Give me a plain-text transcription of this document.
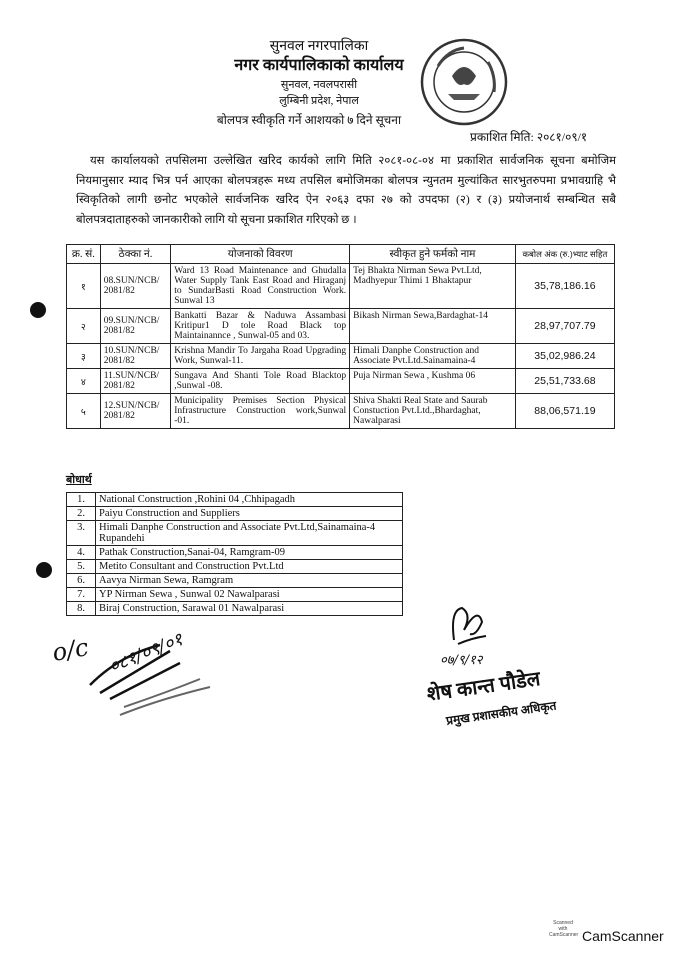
सुनवल नगरपालिका
नगर कार्यपालिकाको कार्यालय
सुनवल, नवलपरासी
लुम्बिनी प्रदेश, नेपाल
बोलपत्र स्वीकृति गर्ने आशयको ७ दिने सूचना
प्रकाशित मिति: २०८१/०९/१
यस कार्यालयको तपसिलमा उल्लेखित खरिद कार्यको लागि मिति २०८१-०८-०४ मा प्रकाशित सार्वजनिक सूचना बमोजिम नियमानुसार म्याद भित्र पर्न आएका बोलपत्रहरू मध्य तपसिल बमोजिमका बोलपत्र न्युनतम मुल्यांकित सारभुतरुपमा प्रभावग्राहि भै स्विकृतिको लागी छनोट भएकोले सार्वजनिक खरिद ऐन २०६३ दफा २७ को उपदफा (२) र (३) प्रयोजनार्थ सम्बन्धित सबै बोलपत्रदाताहरुको जानकारीको लागि यो सूचना प्रकाशित गरिएको छ ।
क्र. सं.	ठेक्का नं.	योजनाको विवरण	स्वीकृत हुने फर्मको नाम	कबोल अंक (रु.)भ्याट सहित
१	08.SUN/NCB/ 2081/82	Ward 13 Road Maintenance and Ghudalla Water Supply Tank East Road and Hiraganj to SundarBasti Road Construction Work. Sunwal 13	Tej Bhakta Nirman Sewa Pvt.Ltd, Madhyepur Thimi 1 Bhaktapur	35,78,186.16
२	09.SUN/NCB/ 2081/82	Bankatti Bazar & Naduwa Assambasi Kritipur1 D tole Road Black top Maintainannce , Sunwal-05 and 03.	Bikash Nirman Sewa,Bardaghat-14	28,97,707.79
३	10.SUN/NCB/ 2081/82	Krishna Mandir To Jargaha Road Upgrading Work, Sunwal-11.	Himali Danphe Construction and Associate Pvt.Ltd.Sainamaina-4	35,02,986.24
४	11.SUN/NCB/ 2081/82	Sungava And Shanti Tole Road Blacktop ,Sunwal -08.	Puja Nirman Sewa , Kushma 06	25,51,733.68
५	12.SUN/NCB/ 2081/82	Municipality Premises Section Physical Infrastructure Construction work,Sunwal -01.	Shiva Shakti Real State and Saurab Constuction Pvt.Ltd.,Bhardaghat, Nawalparasi	88,06,571.19
बोधार्थ
1.	National Construction ,Rohini 04 ,Chhipagadh
2.	Paiyu Construction and Suppliers
3.	Himali Danphe Construction and Associate Pvt.Ltd,Sainamaina-4 Rupandehi
4.	Pathak Construction,Sanai-04, Ramgram-09
5.	Metito Consultant and Construction Pvt.Ltd
6.	Aavya Nirman Sewa, Ramgram
7.	YP Nirman Sewa , Sunwal 02 Nawalparasi
8.	Biraj Construction, Sarawal 01 Nawalparasi
o/c ०८१/०९/०१	०७/९/१२
शेष कान्त पौडेल
प्रमुख प्रशासकीय अधिकृत
Scanned with CamScanner CamScanner
